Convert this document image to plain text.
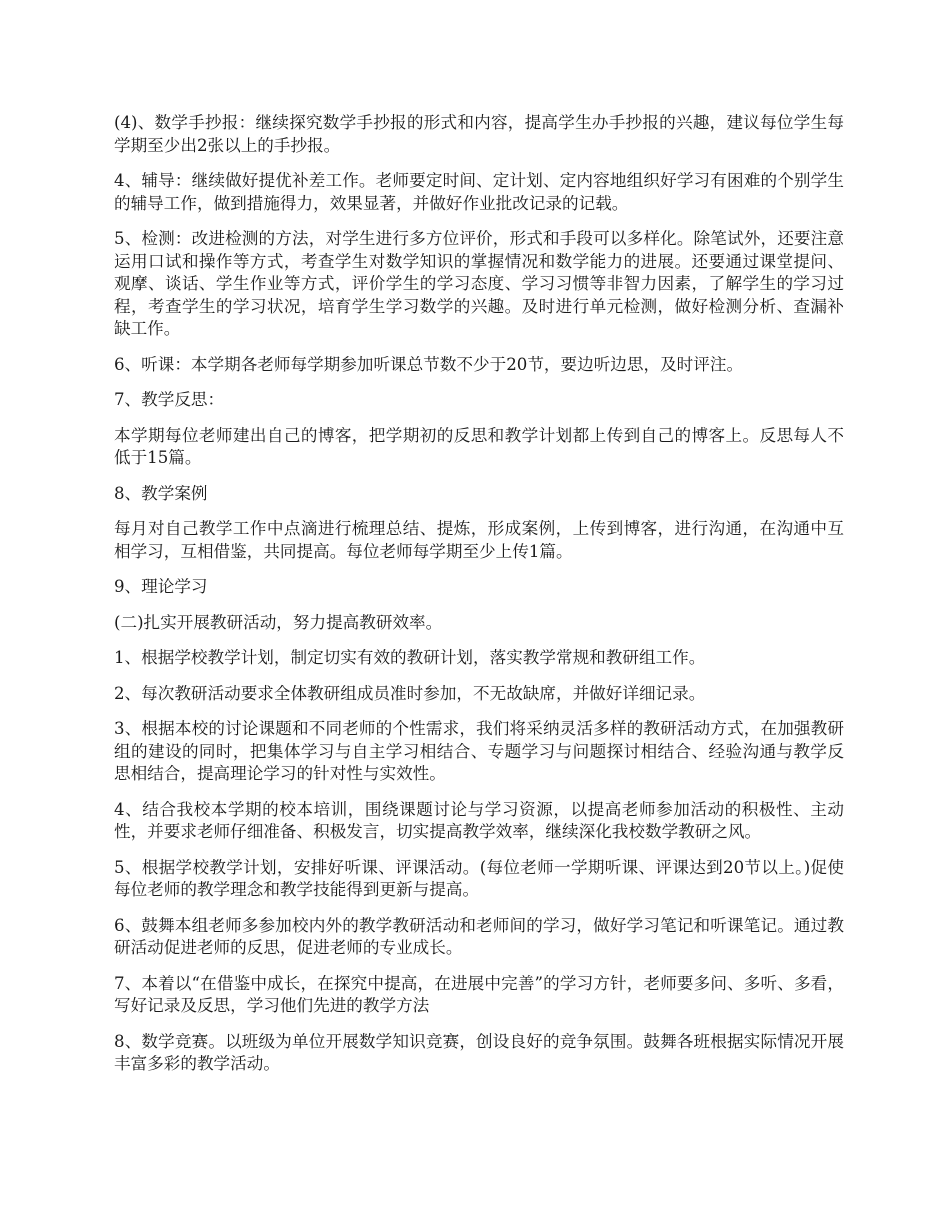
(4)、数学手抄报：继续探究数学手抄报的形式和内容，提高学生办手抄报的兴趣，建议每位学生每学期至少出2张以上的手抄报。

4、辅导：继续做好提优补差工作。老师要定时间、定计划、定内容地组织好学习有困难的个别学生的辅导工作，做到措施得力，效果显著，并做好作业批改记录的记载。

5、检测：改进检测的方法，对学生进行多方位评价，形式和手段可以多样化。除笔试外，还要注意运用口试和操作等方式，考查学生对数学知识的掌握情况和数学能力的进展。还要通过课堂提问、观摩、谈话、学生作业等方式，评价学生的学习态度、学习习惯等非智力因素，了解学生的学习过程，考查学生的学习状况，培育学生学习数学的兴趣。及时进行单元检测，做好检测分析、查漏补缺工作。

6、听课：本学期各老师每学期参加听课总节数不少于20节，要边听边思，及时评注。

7、教学反思：

本学期每位老师建出自己的博客，把学期初的反思和教学计划都上传到自己的博客上。反思每人不低于15篇。

8、教学案例

每月对自己教学工作中点滴进行梳理总结、提炼，形成案例，上传到博客，进行沟通，在沟通中互相学习，互相借鉴，共同提高。每位老师每学期至少上传1篇。

9、理论学习

(二)扎实开展教研活动，努力提高教研效率。

1、根据学校教学计划，制定切实有效的教研计划，落实教学常规和教研组工作。

2、每次教研活动要求全体教研组成员准时参加，不无故缺席，并做好详细记录。

3、根据本校的讨论课题和不同老师的个性需求，我们将采纳灵活多样的教研活动方式，在加强教研组的建设的同时，把集体学习与自主学习相结合、专题学习与问题探讨相结合、经验沟通与教学反思相结合，提高理论学习的针对性与实效性。

4、结合我校本学期的校本培训，围绕课题讨论与学习资源，以提高老师参加活动的积极性、主动性，并要求老师仔细准备、积极发言，切实提高教学效率，继续深化我校数学教研之风。

5、根据学校教学计划，安排好听课、评课活动。(每位老师一学期听课、评课达到20节以上。)促使每位老师的教学理念和教学技能得到更新与提高。

6、鼓舞本组老师多参加校内外的教学教研活动和老师间的学习，做好学习笔记和听课笔记。通过教研活动促进老师的反思，促进老师的专业成长。

7、本着以“在借鉴中成长，在探究中提高，在进展中完善”的学习方针，老师要多问、多听、多看，写好记录及反思，学习他们先进的教学方法

8、数学竞赛。以班级为单位开展数学知识竞赛，创设良好的竞争氛围。鼓舞各班根据实际情况开展丰富多彩的教学活动。
